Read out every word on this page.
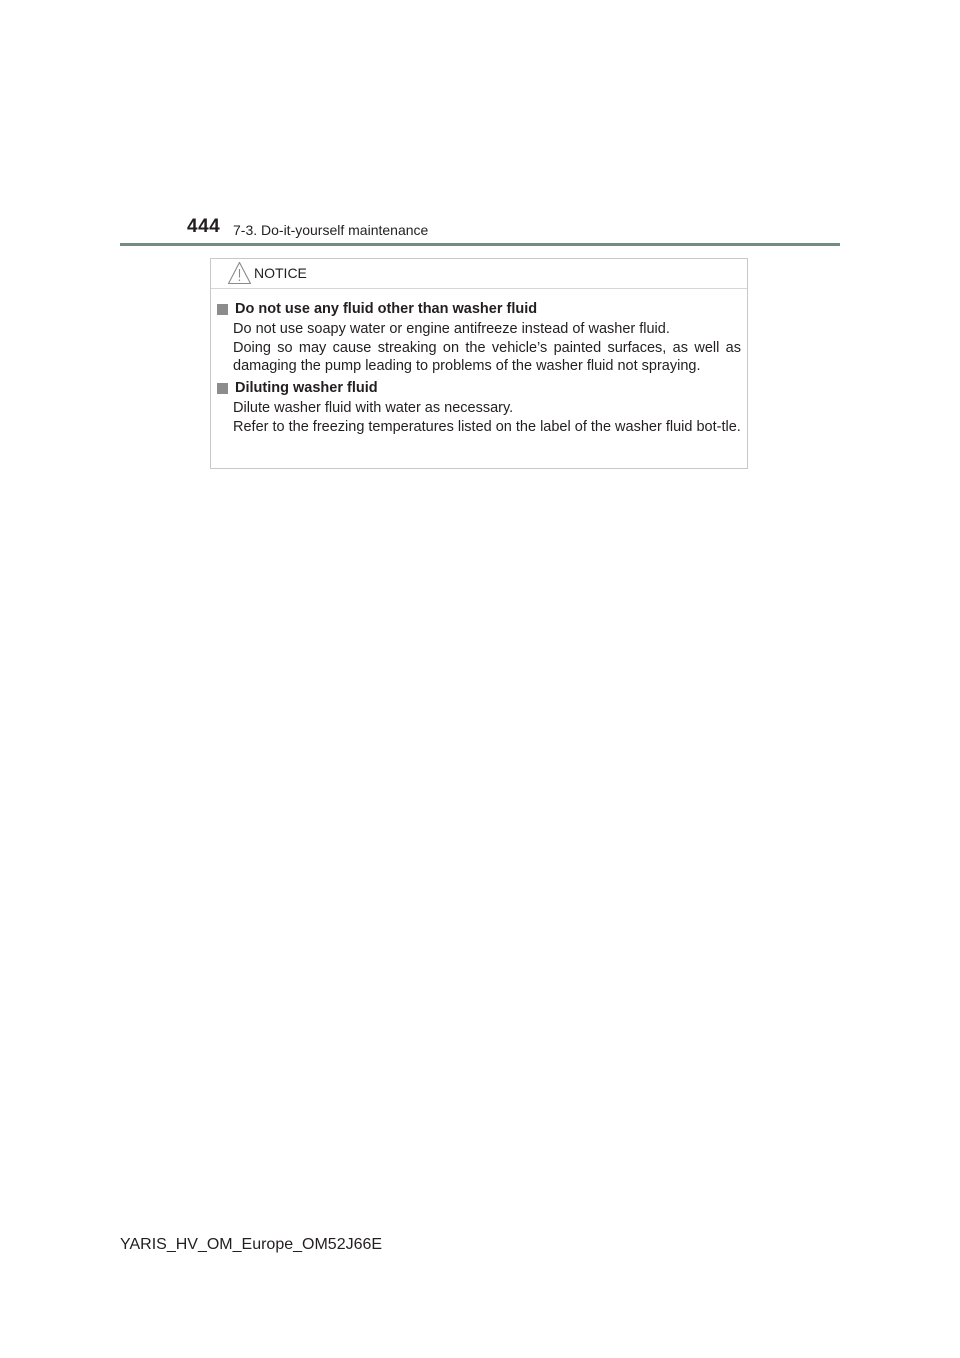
444 7-3. Do-it-yourself maintenance
NOTICE
Do not use any fluid other than washer fluid

Do not use soapy water or engine antifreeze instead of washer fluid.

Doing so may cause streaking on the vehicle’s painted surfaces, as well as damaging the pump leading to problems of the washer fluid not spraying.

Diluting washer fluid

Dilute washer fluid with water as necessary.

Refer to the freezing temperatures listed on the label of the washer fluid bot-tle.

YARIS_HV_OM_Europe_OM52J66E
